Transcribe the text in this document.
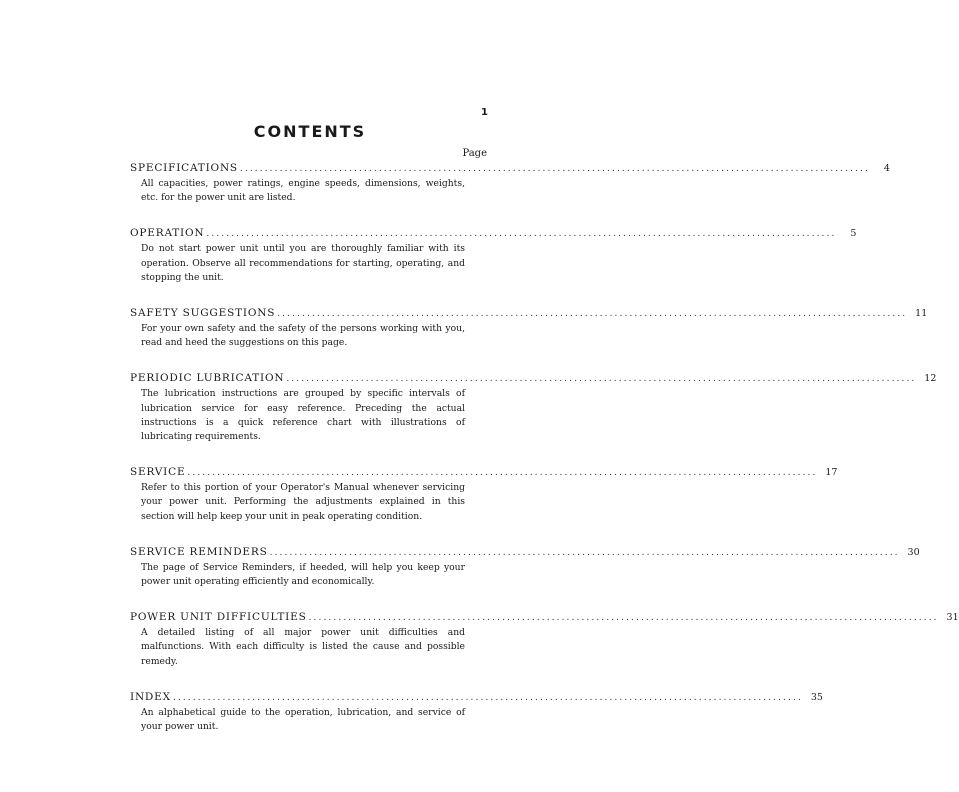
1
CONTENTS
Page
SPECIFICATIONS ...............................................................................................................................	4
All capacities, power ratings, engine speeds, dimensions, weights, etc. for the power unit are listed.
OPERATION ...............................................................................................................................	5
Do not start power unit until you are thoroughly familiar with its operation. Observe all recommendations for starting, operating, and stopping the unit.
SAFETY SUGGESTIONS ............................................................................................................................... 11
For your own safety and the safety of the persons working with you, read and heed the suggestions on this page.
PERIODIC LUBRICATION ............................................................................................................................... 12
The lubrication instructions are grouped by specific intervals of lubrication service for easy reference. Preceding the actual instructions is a quick reference chart with illustrations of lubricating requirements.
SERVICE ............................................................................................................................... 17
Refer to this portion of your Operator's Manual whenever servicing your power unit. Performing the adjustments explained in this section will help keep your unit in peak operating condition.
SERVICE REMINDERS ............................................................................................................................... 30
The page of Service Reminders, if heeded, will help you keep your power unit operating efficiently and economically.
POWER UNIT DIFFICULTIES ............................................................................................................................... 31
A detailed listing of all major power unit difficulties and malfunctions. With each difficulty is listed the cause and possible remedy.
INDEX ............................................................................................................................... 35
An alphabetical guide to the operation, lubrication, and service of your power unit.
